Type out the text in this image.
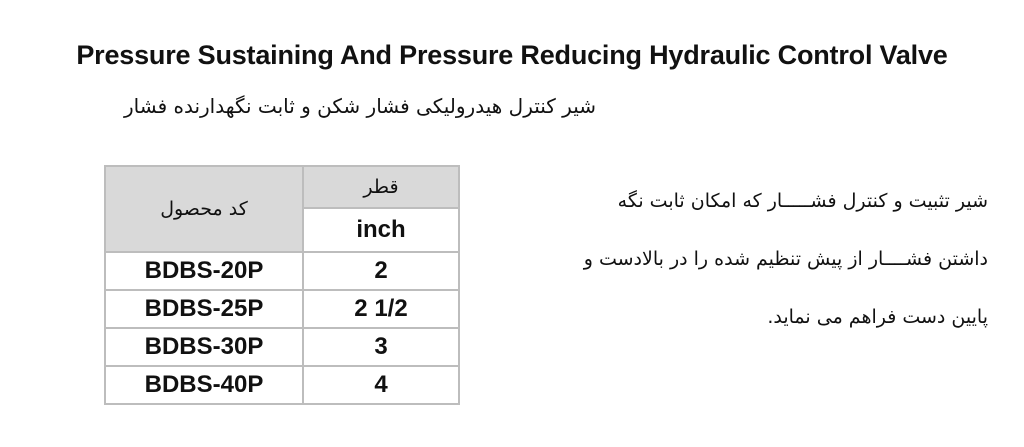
Pressure Sustaining And Pressure Reducing Hydraulic Control Valve
شیر کنترل هیدرولیکی فشار شکن و ثابت نگهدارنده فشار
کد محصول	قطر
	inch
BDBS-20P	2
BDBS-25P	2 1/2
BDBS-30P	3
BDBS-40P	4
شیر تثبیت و کنترل فشـــــار که امکان ثابت نگه
داشتن فشــــار از پیش تنظیم شده را در بالادست و
پایین دست فراهم می نماید.
